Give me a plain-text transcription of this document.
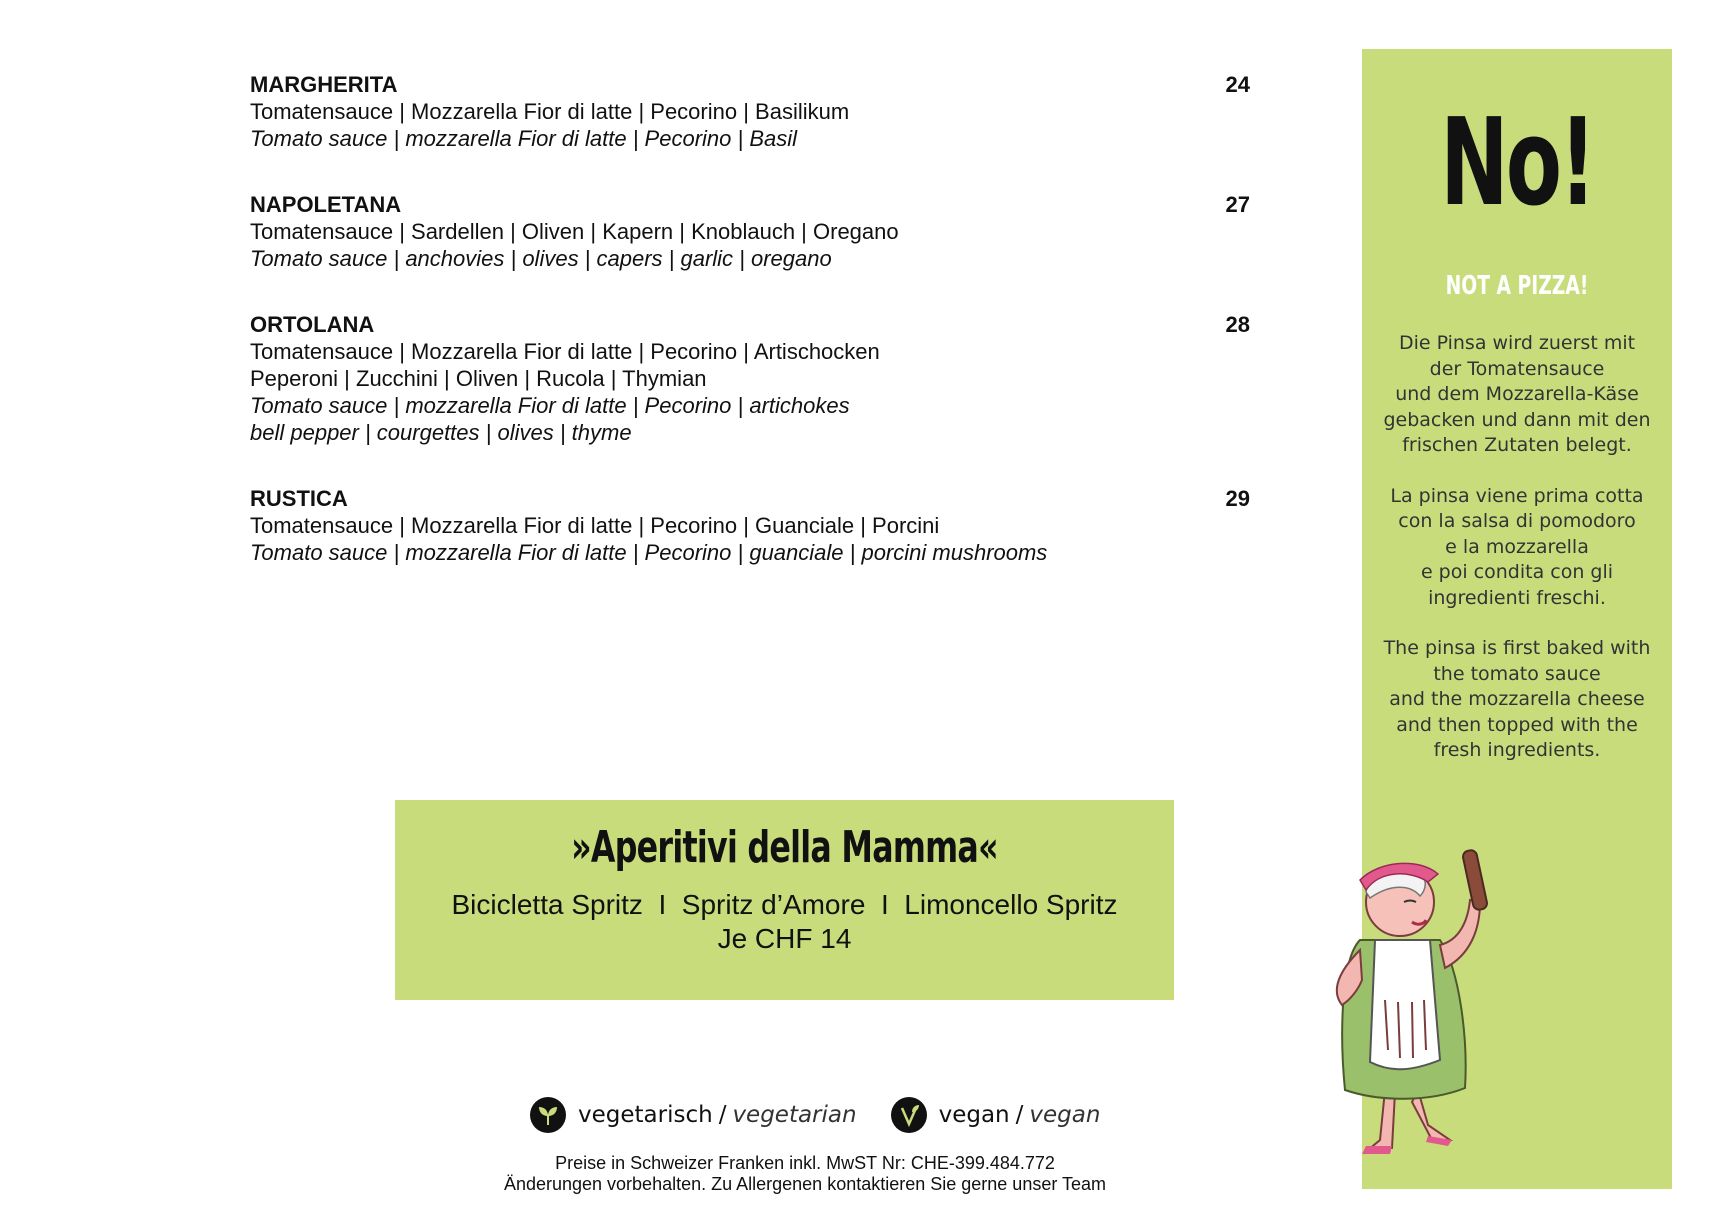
MARGHERITA	24
Tomatensauce | Mozzarella Fior di latte | Pecorino | Basilikum
Tomato sauce | mozzarella Fior di latte | Pecorino | Basil
NAPOLETANA	27
Tomatensauce | Sardellen | Oliven | Kapern | Knoblauch | Oregano
Tomato sauce | anchovies | olives | capers | garlic | oregano
ORTOLANA	28
Tomatensauce | Mozzarella Fior di latte | Pecorino | Artischocken
Peperoni | Zucchini | Oliven | Rucola | Thymian
Tomato sauce | mozzarella Fior di latte | Pecorino | artichokes
bell pepper | courgettes | olives | thyme
RUSTICA	29
Tomatensauce | Mozzarella Fior di latte | Pecorino | Guanciale | Porcini
Tomato sauce | mozzarella Fior di latte | Pecorino | guanciale | porcini mushrooms
»Aperitivi della Mamma«
Bicicletta Spritz  I  Spritz d’Amore  I  Limoncello Spritz
Je CHF 14
vegetarisch / vegetarian	vegan / vegan
Preise in Schweizer Franken inkl. MwST Nr: CHE-399.484.772
Änderungen vorbehalten. Zu Allergenen kontaktieren Sie gerne unser Team
No!
NOT A PIZZA!

Die Pinsa wird zuerst mit
der Tomatensauce
und dem Mozzarella-Käse
gebacken und dann mit den
frischen Zutaten belegt.

La pinsa viene prima cotta
con la salsa di pomodoro
e la mozzarella
e poi condita con gli
ingredienti freschi.

The pinsa is first baked with
the tomato sauce
and the mozzarella cheese
and then topped with the
fresh ingredients.
